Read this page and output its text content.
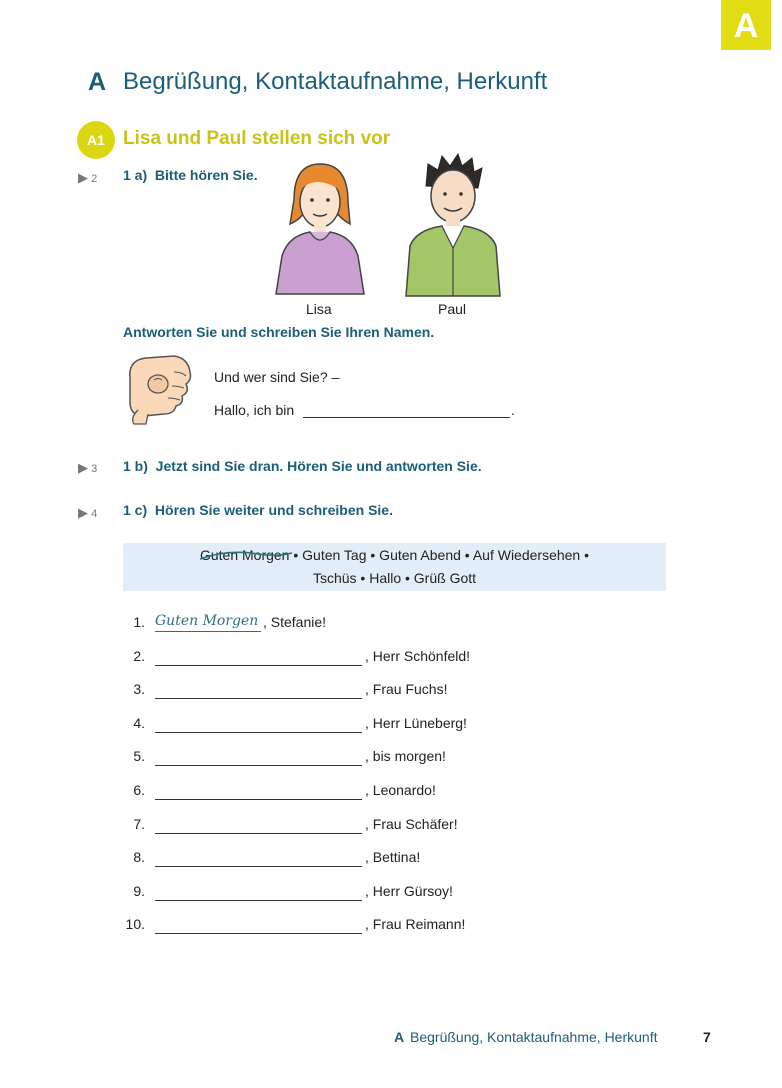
A
A Begrüßung, Kontaktaufnahme, Herkunft
A1 Lisa und Paul stellen sich vor
▶ 2 1 a) Bitte hören Sie.
Lisa	Paul
Antworten Sie und schreiben Sie Ihren Namen.
Und wer sind Sie? –
Hallo, ich bin	.
▶ 3 1 b) Jetzt sind Sie dran. Hören Sie und antworten Sie.
▶ 4 1 c) Hören Sie weiter und schreiben Sie.
Guten Morgen
• Guten Tag • Guten Abend • Auf Wiedersehen •
Tschüs • Hallo • Grüß Gott
1. Guten Morgen , Stefanie!
2.	, Herr Schönfeld!
3.	, Frau Fuchs!
4.	, Herr Lüneberg!
5.	, bis morgen!
6.	, Leonardo!
7.	, Frau Schäfer!
8.	, Bettina!
9.	, Herr Gürsoy!
10.	, Frau Reimann!
A Begrüßung, Kontaktaufnahme, Herkunft	7
